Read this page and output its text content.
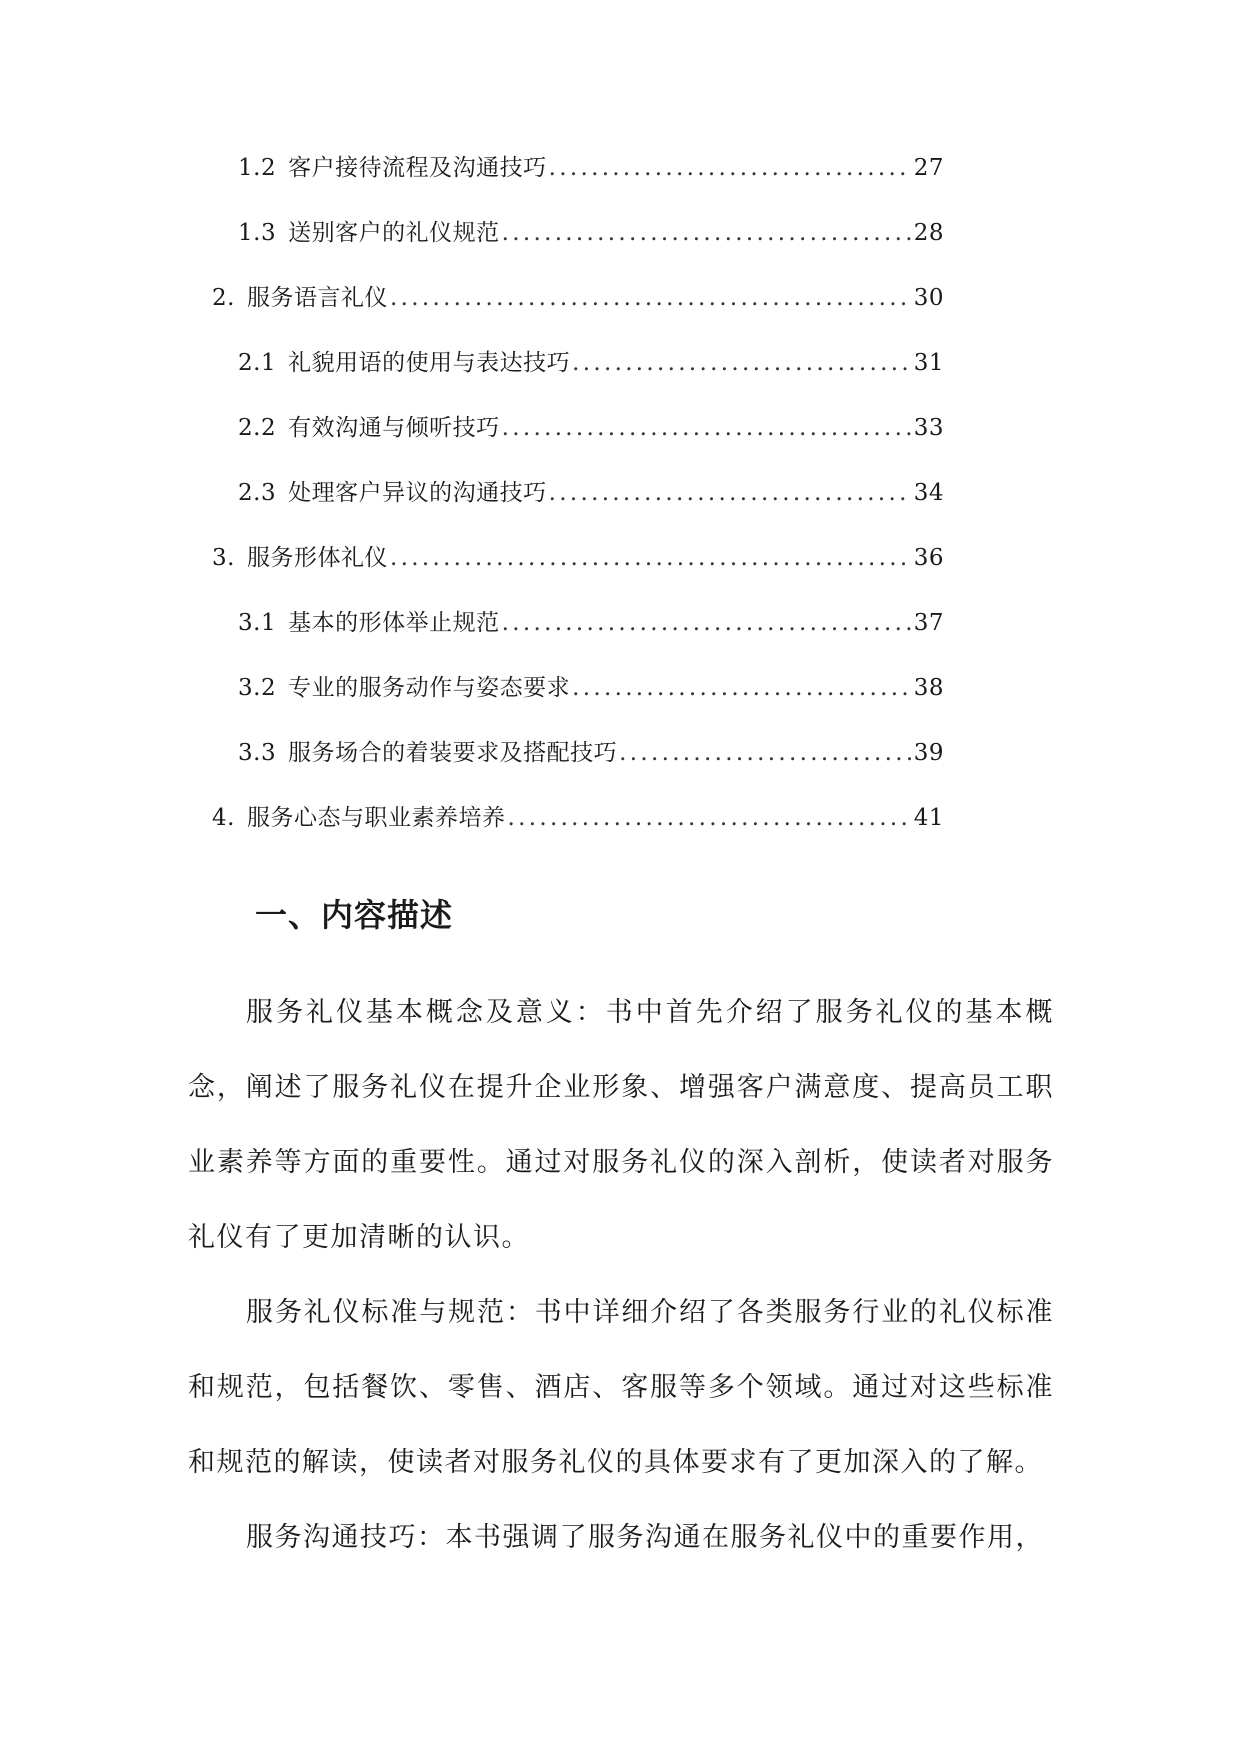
1.2 客户接待流程及沟通技巧 . . .	27
1.3 送别客户的礼仪规范 . . .	28
2. 服务语言礼仪 . . .	30
2.1 礼貌用语的使用与表达技巧 . . .	31
2.2 有效沟通与倾听技巧 . . .	33
2.3 处理客户异议的沟通技巧 . . .	34
3. 服务形体礼仪 . . .	36
3.1 基本的形体举止规范 . . .	37
3.2 专业的服务动作与姿态要求 . . .	38
3.3 服务场合的着装要求及搭配技巧 . . .	39
4. 服务心态与职业素养培养 . . .	41
一、内容描述

服务礼仪基本概念及意义：书中首先介绍了服务礼仪的基本概念，阐述了服务礼仪在提升企业形象、增强客户满意度、提高员工职业素养等方面的重要性。通过对服务礼仪的深入剖析，使读者对服务礼仪有了更加清晰的认识。

服务礼仪标准与规范：书中详细介绍了各类服务行业的礼仪标准和规范，包括餐饮、零售、酒店、客服等多个领域。通过对这些标准和规范的解读，使读者对服务礼仪的具体要求有了更加深入的了解。

服务沟通技巧：本书强调了服务沟通在服务礼仪中的重要作用，
